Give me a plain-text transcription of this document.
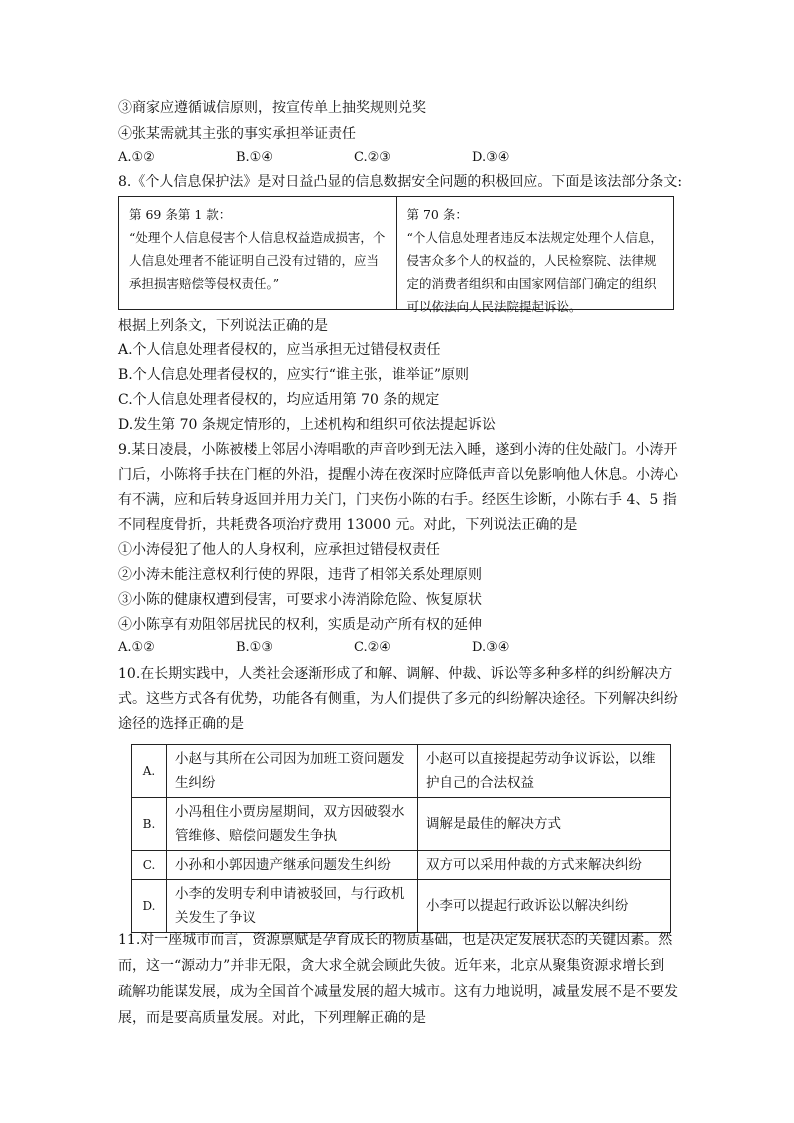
③商家应遵循诚信原则，按宣传单上抽奖规则兑奖
④张某需就其主张的事实承担举证责任
A.①②	B.①④	C.②③	D.③④
8.《个人信息保护法》是对日益凸显的信息数据安全问题的积极回应。下面是该法部分条文:
第 69 条第 1 款：
“处理个人信息侵害个人信息权益造成损害，个人信息处理者不能证明自己没有过错的，应当承担损害赔偿等侵权责任。”
第 70 条：
“个人信息处理者违反本法规定处理个人信息，侵害众多个人的权益的，人民检察院、法律规定的消费者组织和由国家网信部门确定的组织可以依法向人民法院提起诉讼。
根据上列条文，下列说法正确的是
A.个人信息处理者侵权的，应当承担无过错侵权责任
B.个人信息处理者侵权的，应实行“谁主张，谁举证”原则
C.个人信息处理者侵权的，均应适用第 70 条的规定
D.发生第 70 条规定情形的，上述机构和组织可依法提起诉讼
9.某日凌晨，小陈被楼上邻居小涛唱歌的声音吵到无法入睡，遂到小涛的住处敲门。小涛开
门后，小陈将手扶在门框的外沿，提醒小涛在夜深时应降低声音以免影响他人休息。小涛心
有不满，应和后转身返回并用力关门，门夹伤小陈的右手。经医生诊断，小陈右手 4、5 指
不同程度骨折，共耗费各项治疗费用 13000 元。对此，下列说法正确的是
①小涛侵犯了他人的人身权利，应承担过错侵权责任
②小涛未能注意权利行使的界限，违背了相邻关系处理原则
③小陈的健康权遭到侵害，可要求小涛消除危险、恢复原状
④小陈享有劝阻邻居扰民的权利，实质是动产所有权的延伸
A.①②	B.①③	C.②④	D.③④
10.在长期实践中，人类社会逐渐形成了和解、调解、仲裁、诉讼等多种多样的纠纷解决方
式。这些方式各有优势，功能各有侧重，为人们提供了多元的纠纷解决途径。下列解决纠纷
途径的选择正确的是
A.	小赵与其所在公司因为加班工资问题发生纠纷	小赵可以直接提起劳动争议诉讼，以维护自己的合法权益
B.	小冯租住小贾房屋期间，双方因破裂水管维修、赔偿问题发生争执	调解是最佳的解决方式
C.	小孙和小郭因遗产继承问题发生纠纷	双方可以采用仲裁的方式来解决纠纷
D.	小李的发明专利申请被驳回，与行政机关发生了争议	小李可以提起行政诉讼以解决纠纷
11.对一座城市而言，资源禀赋是孕育成长的物质基础，也是决定发展状态的关键因素。然
而，这一“源动力”并非无限，贪大求全就会顾此失彼。近年来，北京从聚集资源求增长到
疏解功能谋发展，成为全国首个减量发展的超大城市。这有力地说明，减量发展不是不要发
展，而是要高质量发展。对此，下列理解正确的是
